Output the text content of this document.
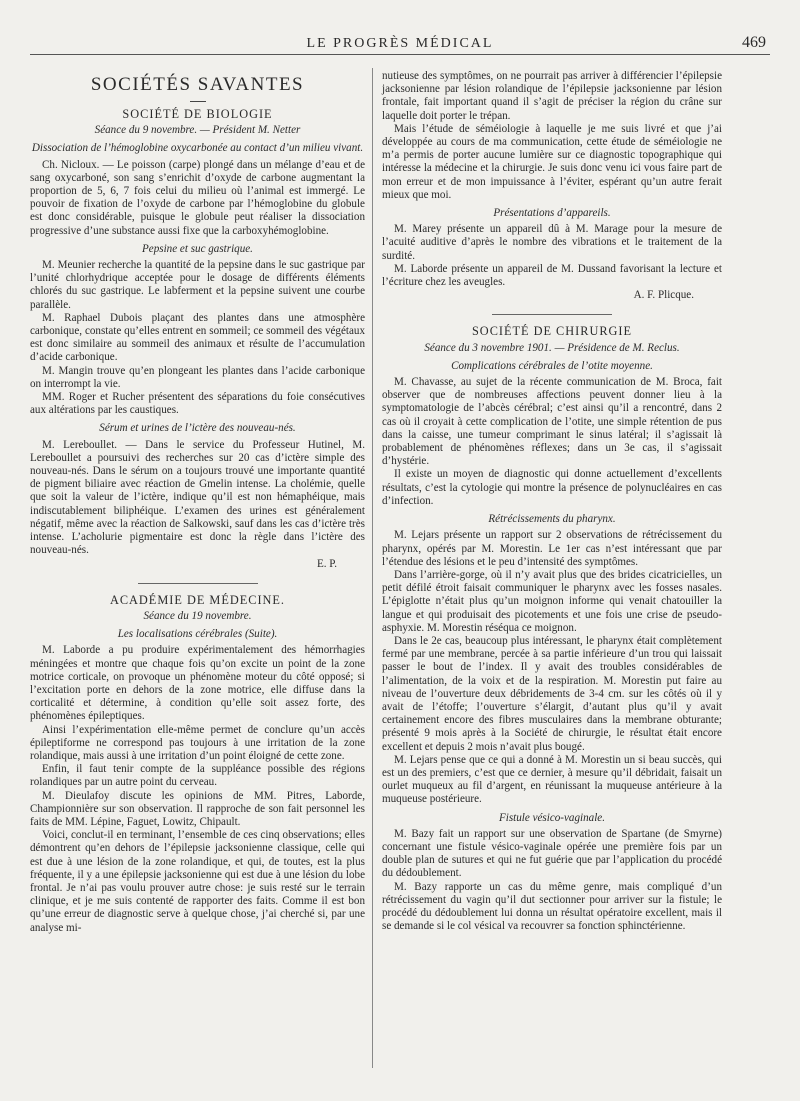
LE PROGRÈS MÉDICAL	469
SOCIÉTÉS SAVANTES
SOCIÉTÉ DE BIOLOGIE
Séance du 9 novembre. — Président M. Netter
Dissociation de l’hémoglobine oxycarbonée au contact d’un milieu vivant.

Ch. Nicloux. — Le poisson (carpe) plongé dans un mélange d’eau et de sang oxycarboné, son sang s’enrichit d’oxyde de carbone augmentant la proportion de 5, 6, 7 fois celui du milieu où l’animal est immergé. Le pouvoir de fixation de l’oxyde de carbone par l’hémoglobine du globule est donc considérable, puisque le globule peut réaliser la dissociation progressive d’une substance aussi fixe que la carboxyhémoglobine.

Pepsine et suc gastrique.

M. Meunier recherche la quantité de la pepsine dans le suc gastrique par l’unité chlorhydrique acceptée pour le dosage de différents éléments chlorés du suc gastrique. Le labferment et la pepsine suivent une courbe parallèle.

M. Raphael Dubois plaçant des plantes dans une atmosphère carbonique, constate qu’elles entrent en sommeil; ce sommeil des végétaux est donc similaire au sommeil des animaux et résulte de l’accumulation d’acide carbonique.

M. Mangin trouve qu’en plongeant les plantes dans l’acide carbonique on interrompt la vie.

MM. Roger et Rucher présentent des séparations du foie consécutives aux altérations par les caustiques.

Sérum et urines de l’ictère des nouveau-nés.

M. Lereboullet. — Dans le service du Professeur Hutinel, M. Lereboullet a poursuivi des recherches sur 20 cas d’ictère simple des nouveau-nés. Dans le sérum on a toujours trouvé une importante quantité de pigment biliaire avec réaction de Gmelin intense. La cholémie, quelle que soit la valeur de l’ictère, indique qu’il est non hémaphéique, mais indiscutablement biliphéique. L’examen des urines est généralement négatif, même avec la réaction de Salkowski, sauf dans les cas d’ictère très intense. L’acholurie pigmentaire est donc la règle dans l’ictère des nouveau-nés.

E. P.
ACADÉMIE DE MÉDECINE.
Séance du 19 novembre.
Les localisations cérébrales (Suite).

M. Laborde a pu produire expérimentalement des hémorrhagies méningées et montre que chaque fois qu’on excite un point de la zone motrice corticale, on provoque un phénomène moteur du côté opposé; si l’excitation porte en dehors de la zone motrice, elle diffuse dans la corticalité et détermine, à condition qu’elle soit assez forte, des phénomènes épileptiques.

Ainsi l’expérimentation elle-même permet de conclure qu’un accès épileptiforme ne correspond pas toujours à une irritation de la zone rolandique, mais aussi à une irritation d’un point éloigné de cette zone.

Enfin, il faut tenir compte de la suppléance possible des régions rolandiques par un autre point du cerveau.

M. Dieulafoy discute les opinions de MM. Pitres, Laborde, Championnière sur son observation. Il rapproche de son fait personnel les faits de MM. Lépine, Faguet, Lowitz, Chipault.

Voici, conclut-il en terminant, l’ensemble de ces cinq observations; elles démontrent qu’en dehors de l’épilepsie jacksonienne classique, celle qui est due à une lésion de la zone rolandique, et qui, de toutes, est la plus fréquente, il y a une épilepsie jacksonienne qui est due à une lésion du lobe frontal. Je n’ai pas voulu prouver autre chose: je suis resté sur le terrain clinique, et je me suis contenté de rapporter des faits. Comme il est bon qu’une erreur de diagnostic serve à quelque chose, j’ai cherché si, par une analyse mi-

nutieuse des symptômes, on ne pourrait pas arriver à différencier l’épilepsie jacksonienne par lésion rolandique de l’épilepsie jacksonienne par lésion frontale, fait important quand il s’agit de préciser la région du crâne sur laquelle doit porter le trépan.

Mais l’étude de séméiologie à laquelle je me suis livré et que j’ai développée au cours de ma communication, cette étude de séméiologie ne m’a permis de porter aucune lumière sur ce diagnostic topographique qui intéresse la médecine et la chirurgie. Je suis donc venu ici vous faire part de mon erreur et de mon impuissance à l’éviter, espérant qu’un autre ferait mieux que moi.

Présentations d’appareils.

M. Marey présente un appareil dû à M. Marage pour la mesure de l’acuité auditive d’après le nombre des vibrations et le traitement de la surdité.

M. Laborde présente un appareil de M. Dussand favorisant la lecture et l’écriture chez les aveugles.

A. F. Plicque.
SOCIÉTÉ DE CHIRURGIE
Séance du 3 novembre 1901. — Présidence de M. Reclus.
Complications cérébrales de l’otite moyenne.

M. Chavasse, au sujet de la récente communication de M. Broca, fait observer que de nombreuses affections peuvent donner lieu à la symptomatologie de l’abcès cérébral; c’est ainsi qu’il a rencontré, dans 2 cas où il croyait à cette complication de l’otite, une simple rétention de pus dans la caisse, une tumeur comprimant le sinus latéral; il s’agissait là probablement de phénomènes réflexes; dans un 3e cas, il s’agissait d’hystérie.

Il existe un moyen de diagnostic qui donne actuellement d’excellents résultats, c’est la cytologie qui montre la présence de polynucléaires en cas d’infection.

Rétrécissements du pharynx.

M. Lejars présente un rapport sur 2 observations de rétrécissement du pharynx, opérés par M. Morestin. Le 1er cas n’est intéressant que par l’étendue des lésions et le peu d’intensité des symptômes.

Dans l’arrière-gorge, où il n’y avait plus que des brides cicatricielles, un petit défilé étroit faisait communiquer le pharynx avec les fosses nasales. L’épiglotte n’était plus qu’un moignon informe qui venait chatouiller la langue et qui produisait des picotements et une fois une crise de pseudo-asphyxie. M. Morestin réséqua ce moignon.

Dans le 2e cas, beaucoup plus intéressant, le pharynx était complètement fermé par une membrane, percée à sa partie inférieure d’un trou qui laissait passer le bout de l’index. Il y avait des troubles considérables de l’alimentation, de la voix et de la respiration. M. Morestin put faire au niveau de l’ouverture deux débridements de 3-4 cm. sur les côtés où il y avait de l’étoffe; l’ouverture s’élargit, d’autant plus qu’il y avait certainement encore des fibres musculaires dans la membrane obturante; présenté 9 mois après à la Société de chirurgie, le résultat était encore excellent et depuis 2 mois n’avait plus bougé.

M. Lejars pense que ce qui a donné à M. Morestin un si beau succès, qui est un des premiers, c’est que ce dernier, à mesure qu’il débridait, faisait un ourlet muqueux au fil d’argent, en réunissant la muqueuse antérieure à la muqueuse postérieure.

Fistule vésico-vaginale.

M. Bazy fait un rapport sur une observation de Spartane (de Smyrne) concernant une fistule vésico-vaginale opérée une première fois par un double plan de sutures et qui ne fut guérie que par l’application du procédé du dédoublement.

M. Bazy rapporte un cas du même genre, mais compliqué d’un rétrécissement du vagin qu’il dut sectionner pour arriver sur la fistule; le procédé du dédoublement lui donna un résultat opératoire excellent, mais il se demande si le col vésical va recouvrer sa fonction sphinctérienne.
